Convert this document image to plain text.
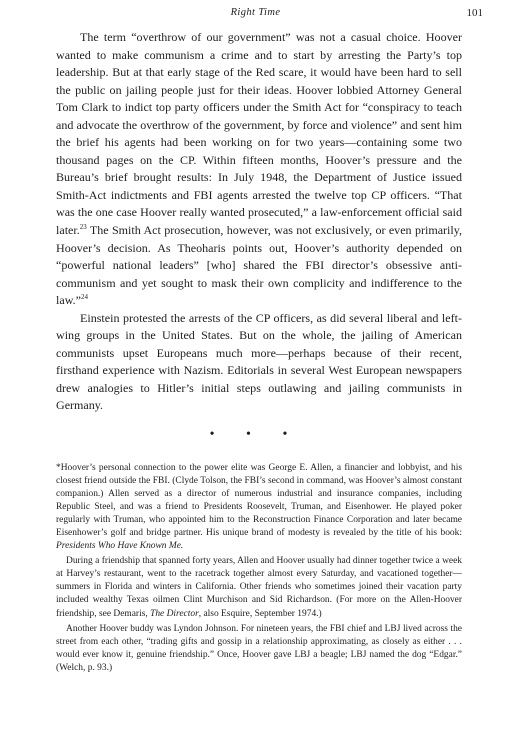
Right Time	101

The term “overthrow of our government” was not a casual choice. Hoover wanted to make communism a crime and to start by arresting the Party’s top leadership. But at that early stage of the Red scare, it would have been hard to sell the public on jailing people just for their ideas. Hoover lobbied Attorney General Tom Clark to indict top party officers under the Smith Act for “conspiracy to teach and advocate the overthrow of the government, by force and violence” and sent him the brief his agents had been working on for two years—containing some two thousand pages on the CP. Within fifteen months, Hoover’s pressure and the Bureau’s brief brought results: In July 1948, the Department of Justice issued Smith-Act indictments and FBI agents arrested the twelve top CP officers. “That was the one case Hoover really wanted prosecuted,” a law-enforcement official said later.$^{23}$ The Smith Act prosecution, however, was not exclusively, or even primarily, Hoover’s decision. As Theoharis points out, Hoover’s authority depended on “powerful national leaders” [who] shared the FBI director’s obsessive anti-communism and yet sought to mask their own complicity and indifference to the law.”$^{24}$

Einstein protested the arrests of the CP officers, as did several liberal and left-wing groups in the United States. But on the whole, the jailing of American communists upset Europeans much more—perhaps because of their recent, firsthand experience with Nazism. Editorials in several West European newspapers drew analogies to Hitler’s initial steps outlawing and jailing communists in Germany.

• • •

*Hoover’s personal connection to the power elite was George E. Allen, a financier and lobbyist, and his closest friend outside the FBI. (Clyde Tolson, the FBI’s second in command, was Hoover’s almost constant companion.) Allen served as a director of numerous industrial and insurance companies, including Republic Steel, and was a friend to Presidents Roosevelt, Truman, and Eisenhower. He played poker regularly with Truman, who appointed him to the Reconstruction Finance Corporation and later became Eisenhower’s golf and bridge partner. His unique brand of modesty is revealed by the title of his book: Presidents Who Have Known Me.

During a friendship that spanned forty years, Allen and Hoover usually had dinner together twice a week at Harvey’s restaurant, went to the racetrack together almost every Saturday, and vacationed together—summers in Florida and winters in California. Other friends who sometimes joined their vacation party included wealthy Texas oilmen Clint Murchison and Sid Richardson. (For more on the Allen-Hoover friendship, see Demaris, The Director, also Esquire, September 1974.)

Another Hoover buddy was Lyndon Johnson. For nineteen years, the FBI chief and LBJ lived across the street from each other, “trading gifts and gossip in a relationship approximating, as closely as either . . . would ever know it, genuine friendship.” Once, Hoover gave LBJ a beagle; LBJ named the dog “Edgar.” (Welch, p. 93.)
